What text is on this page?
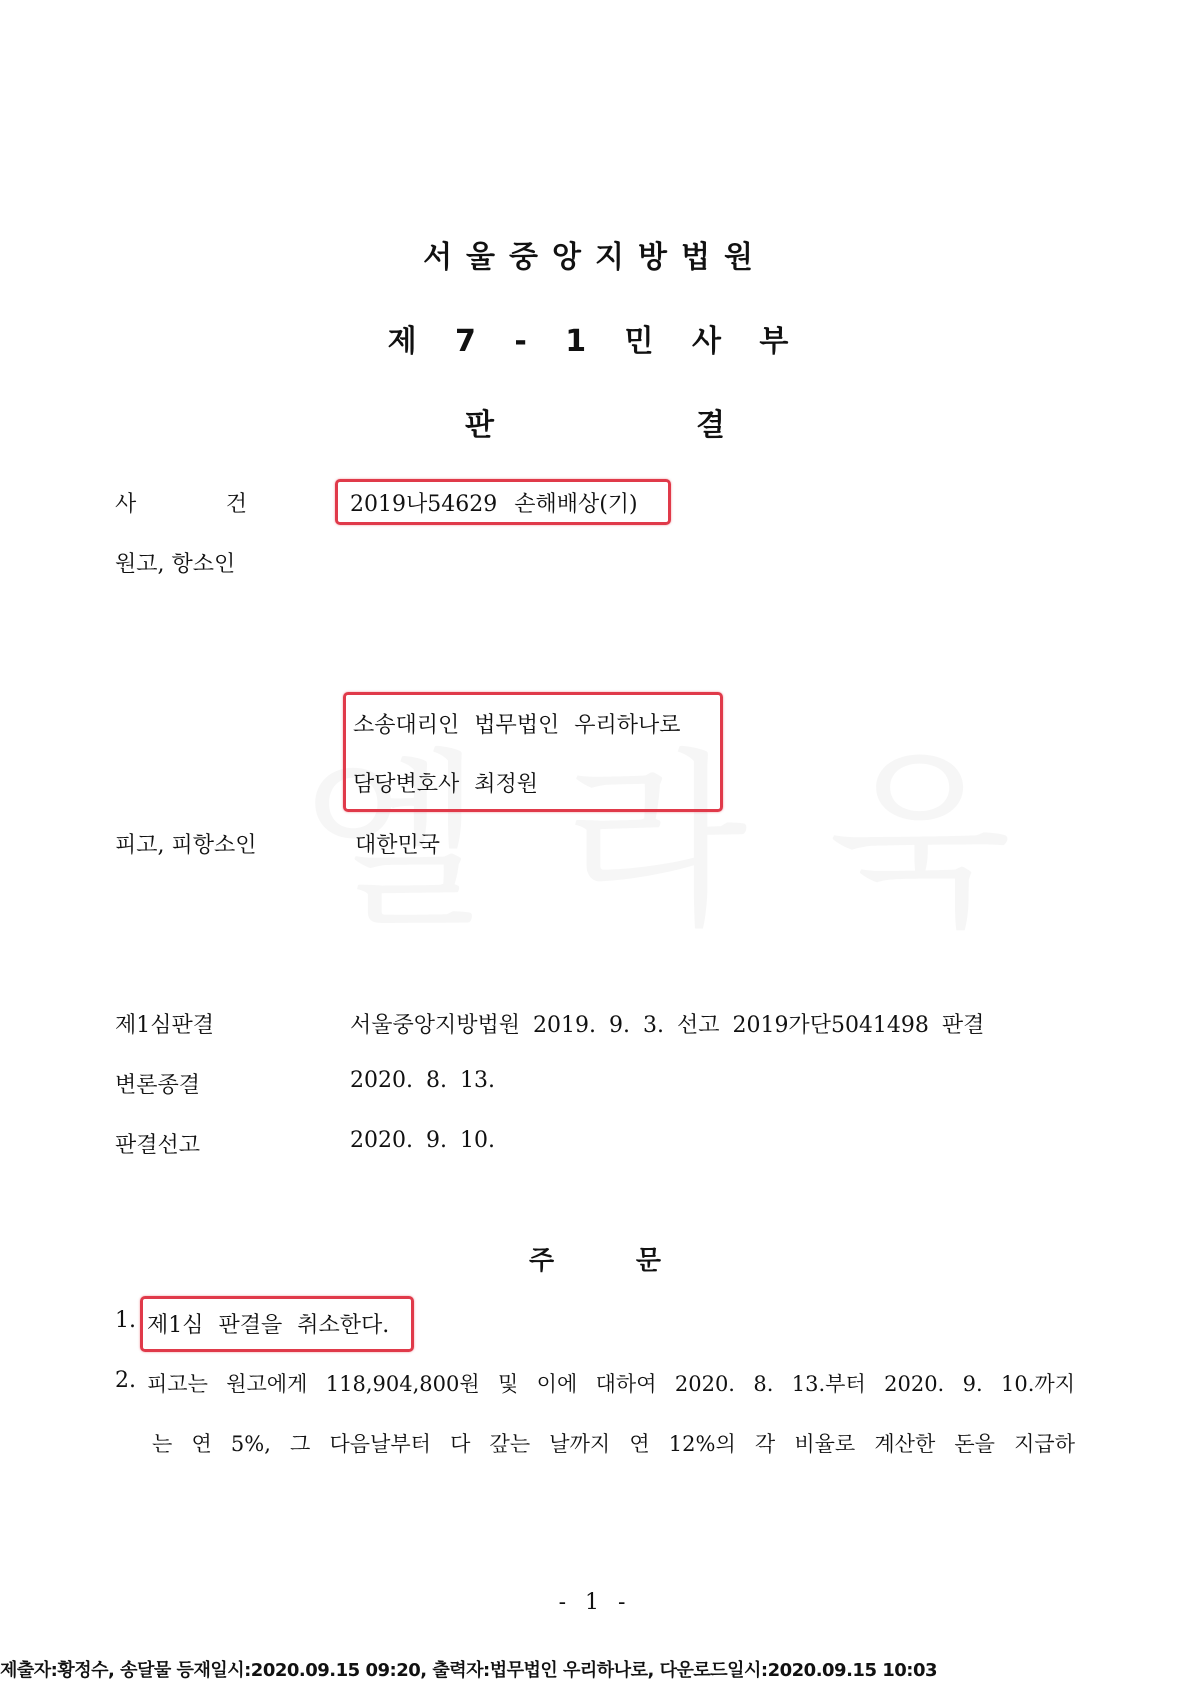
서울중앙지방법원
제 7 - 1 민 사 부
판 결
사 건	2019나54629 손해배상(기)
원고, 항소인
소송대리인 법무법인 우리하나로
담당변호사 최정원
피고, 피항소인	대한민국
제1심판결	서울중앙지방법원 2019. 9. 3. 선고 2019가단5041498 판결
변론종결	2020. 8. 13.
판결선고	2020. 9. 10.
주 문
1. 제1심 판결을 취소한다.
2. 피고는 원고에게 118,904,800원 및 이에 대하여 2020. 8. 13.부터 2020. 9. 10.까지
는 연 5%, 그 다음날부터 다 갚는 날까지 연 12%의 각 비율로 계산한 돈을 지급하
- 1 -
제출자:황정수, 송달물 등재일시:2020.09.15 09:20, 출력자:법무법인 우리하나로, 다운로드일시:2020.09.15 10:03
